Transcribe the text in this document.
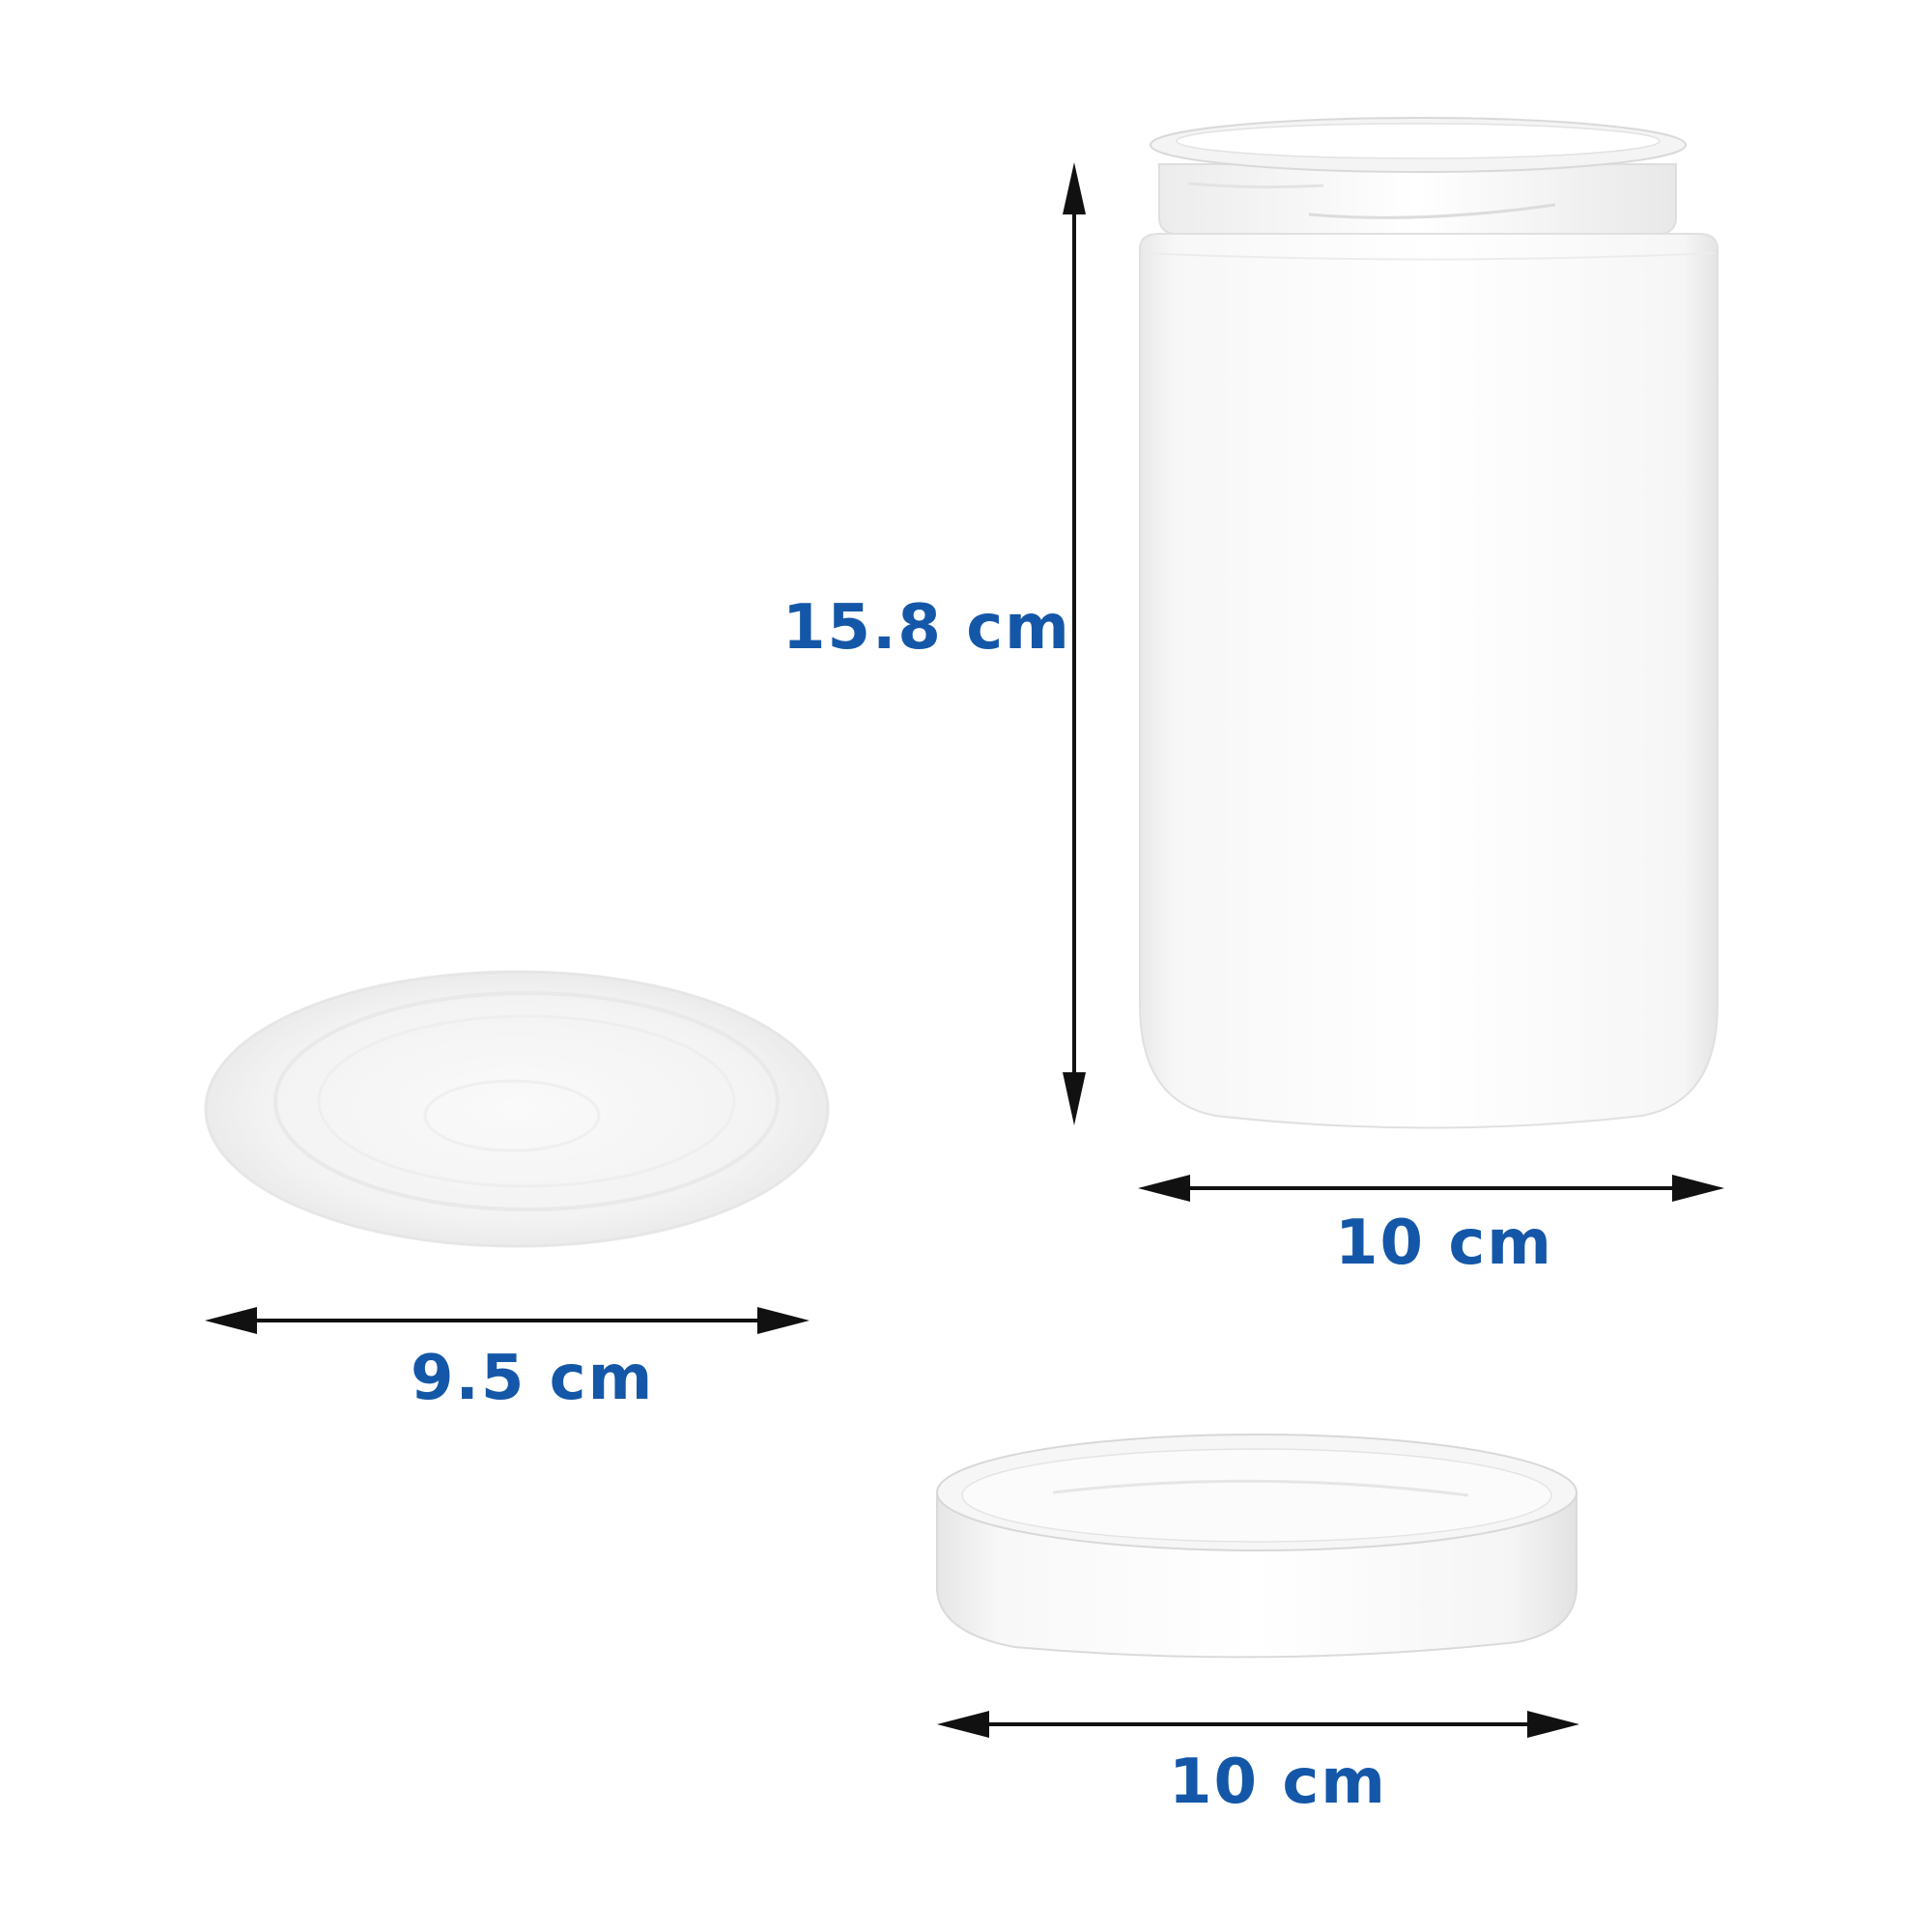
15.8 cm
10 cm
9.5 cm
10 cm
